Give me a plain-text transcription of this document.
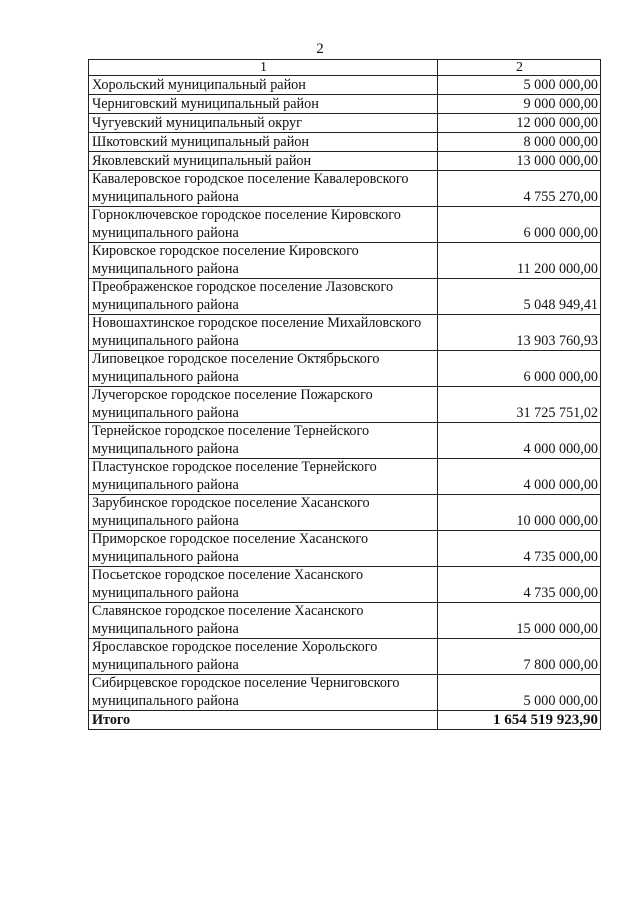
2
1	2
Хорольский муниципальный район	5 000 000,00
Черниговский муниципальный район	9 000 000,00
Чугуевский муниципальный округ	12 000 000,00
Шкотовский муниципальный район	8 000 000,00
Яковлевский муниципальный район	13 000 000,00
Кавалеровское городское поселение Кавалеровского муниципального района	4 755 270,00
Горноключевское городское поселение Кировского муниципального района	6 000 000,00
Кировское городское поселение Кировского муниципального района	11 200 000,00
Преображенское городское поселение Лазовского муниципального района	5 048 949,41
Новошахтинское городское поселение Михайловского муниципального района	13 903 760,93
Липовецкое городское поселение Октябрьского муниципального района	6 000 000,00
Лучегорское городское поселение Пожарского муниципального района	31 725 751,02
Тернейское городское поселение Тернейского муниципального района	4 000 000,00
Пластунское городское поселение Тернейского муниципального района	4 000 000,00
Зарубинское городское поселение Хасанского муниципального района	10 000 000,00
Приморское городское поселение Хасанского муниципального района	4 735 000,00
Посьетское городское поселение Хасанского муниципального района	4 735 000,00
Славянское городское поселение Хасанского муниципального района	15 000 000,00
Ярославское городское поселение Хорольского муниципального района	7 800 000,00
Сибирцевское городское поселение Черниговского муниципального района	5 000 000,00
Итого	1 654 519 923,90
